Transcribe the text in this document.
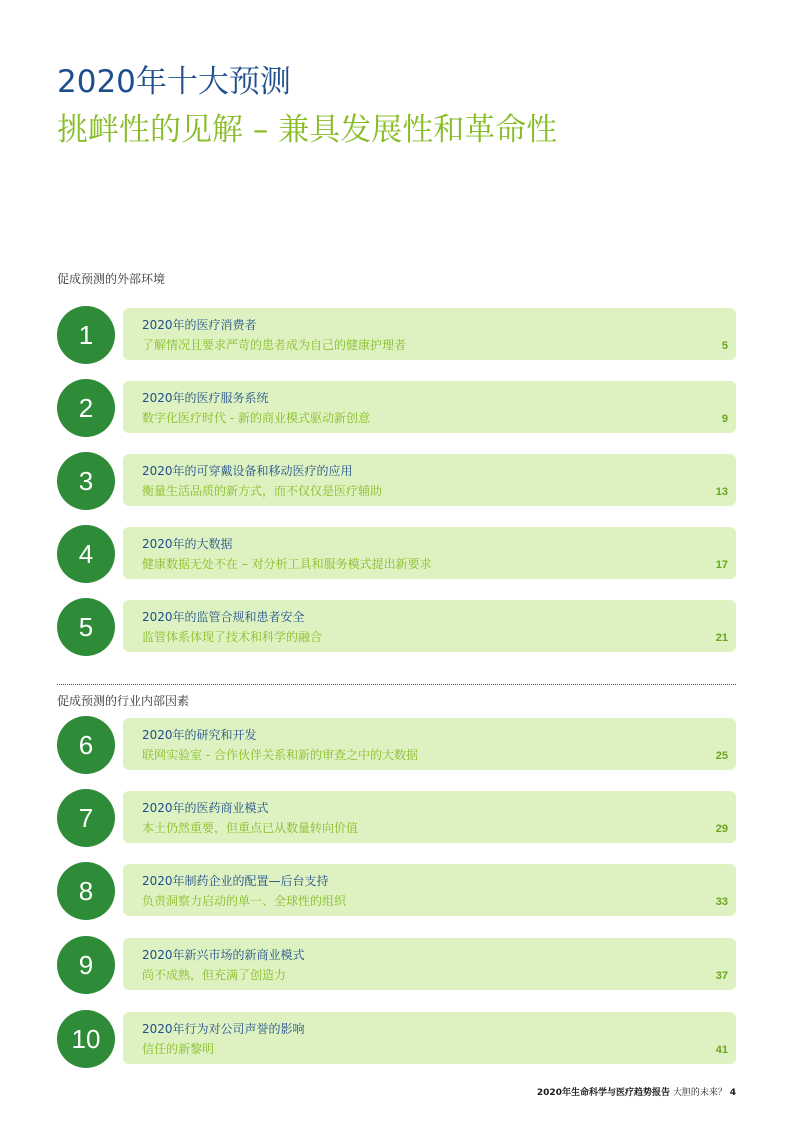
2020年十大预测
挑衅性的见解 – 兼具发展性和革命性
促成预测的外部环境
1	2020年的医疗消费者
了解情况且要求严苛的患者成为自己的健康护理者	5
2	2020年的医疗服务系统
数字化医疗时代 - 新的商业模式驱动新创意	9
3	2020年的可穿戴设备和移动医疗的应用
衡量生活品质的新方式，而不仅仅是医疗辅助	13
4	2020年的大数据
健康数据无处不在 – 对分析工具和服务模式提出新要求	17
5	2020年的监管合规和患者安全
监管体系体现了技术和科学的融合	21
促成预测的行业内部因素
6	2020年的研究和开发
联网实验室 - 合作伙伴关系和新的审查之中的大数据	25
7	2020年的医药商业模式
本土仍然重要，但重点已从数量转向价值	29
8	2020年制药企业的配置—后台支持
负责洞察力启动的单一、全球性的组织	33
9	2020年新兴市场的新商业模式
尚不成熟，但充满了创造力	37
10	2020年行为对公司声誉的影响
信任的新黎明	41
2020年生命科学与医疗趋势报告 大胆的未来？ 4
